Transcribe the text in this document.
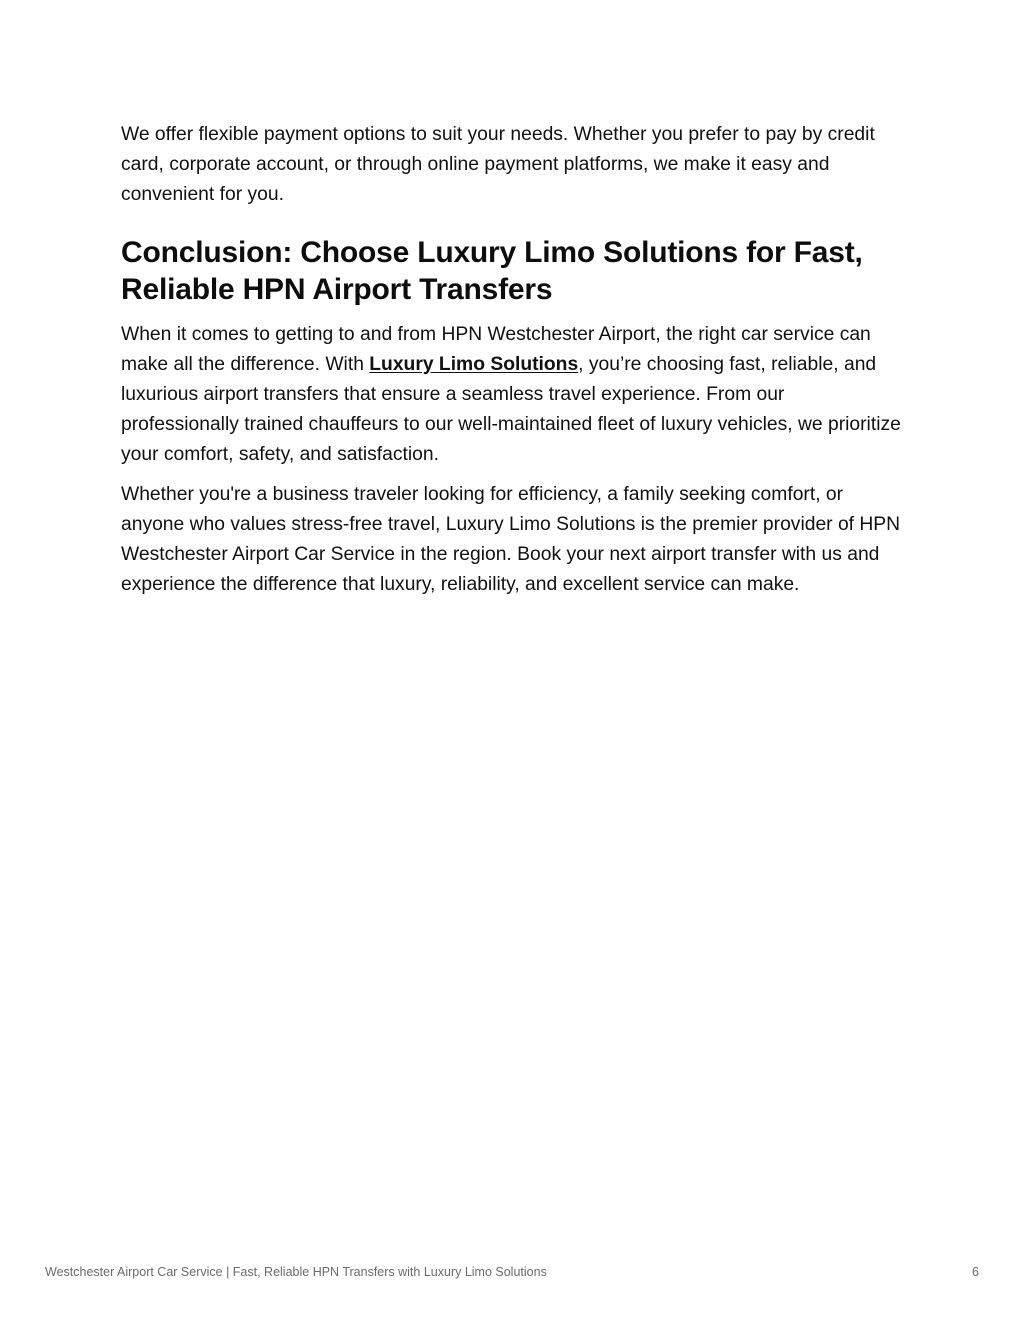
We offer flexible payment options to suit your needs. Whether you prefer to pay by credit card, corporate account, or through online payment platforms, we make it easy and convenient for you.

Conclusion: Choose Luxury Limo Solutions for Fast, Reliable HPN Airport Transfers

When it comes to getting to and from HPN Westchester Airport, the right car service can make all the difference. With Luxury Limo Solutions, you’re choosing fast, reliable, and luxurious airport transfers that ensure a seamless travel experience. From our professionally trained chauffeurs to our well-maintained fleet of luxury vehicles, we prioritize your comfort, safety, and satisfaction.

Whether you're a business traveler looking for efficiency, a family seeking comfort, or anyone who values stress-free travel, Luxury Limo Solutions is the premier provider of HPN Westchester Airport Car Service in the region. Book your next airport transfer with us and experience the difference that luxury, reliability, and excellent service can make.

Westchester Airport Car Service | Fast, Reliable HPN Transfers with Luxury Limo Solutions	6
